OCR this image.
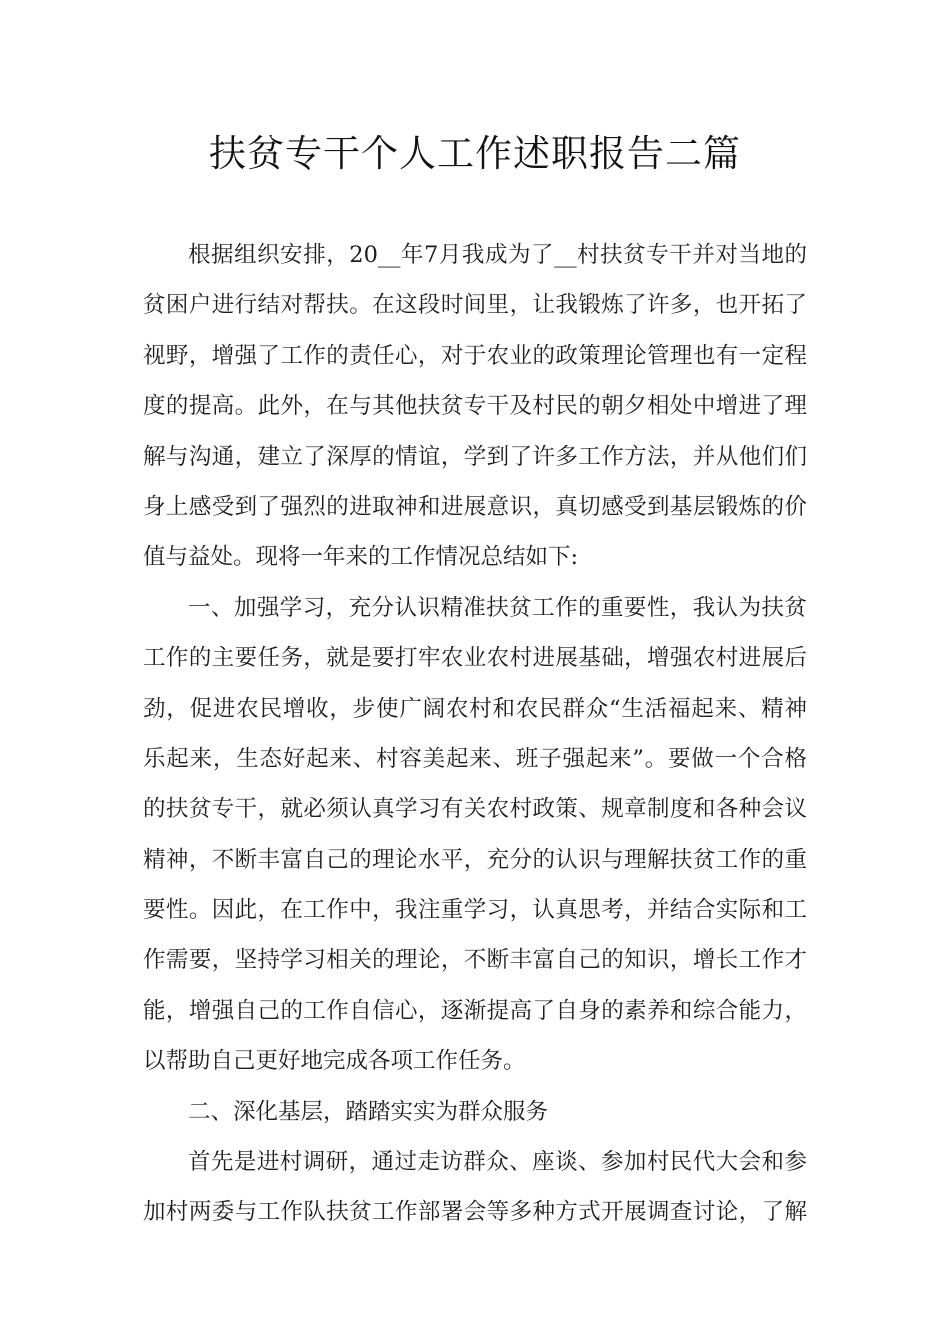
扶贫专干个人工作述职报告二篇
根据组织安排，20__年7月我成为了__村扶贫专干并对当地的
贫困户进行结对帮扶。在这段时间里，让我锻炼了许多，也开拓了
视野，增强了工作的责任心，对于农业的政策理论管理也有一定程
度的提高。此外，在与其他扶贫专干及村民的朝夕相处中增进了理
解与沟通，建立了深厚的情谊，学到了许多工作方法，并从他们们
身上感受到了强烈的进取神和进展意识，真切感受到基层锻炼的价
值与益处。现将一年来的工作情况总结如下:
一、加强学习，充分认识精准扶贫工作的重要性，我认为扶贫
工作的主要任务，就是要打牢农业农村进展基础，增强农村进展后
劲，促进农民增收，步使广阔农村和农民群众“生活福起来、精神
乐起来，生态好起来、村容美起来、班子强起来”。要做一个合格
的扶贫专干，就必须认真学习有关农村政策、规章制度和各种会议
精神，不断丰富自己的理论水平，充分的认识与理解扶贫工作的重
要性。因此，在工作中，我注重学习，认真思考，并结合实际和工
作需要，坚持学习相关的理论，不断丰富自己的知识，增长工作才
能，增强自己的工作自信心，逐渐提高了自身的素养和综合能力，
以帮助自己更好地完成各项工作任务。
二、深化基层，踏踏实实为群众服务
首先是进村调研，通过走访群众、座谈、参加村民代大会和参
加村两委与工作队扶贫工作部署会等多种方式开展调查讨论，了解
